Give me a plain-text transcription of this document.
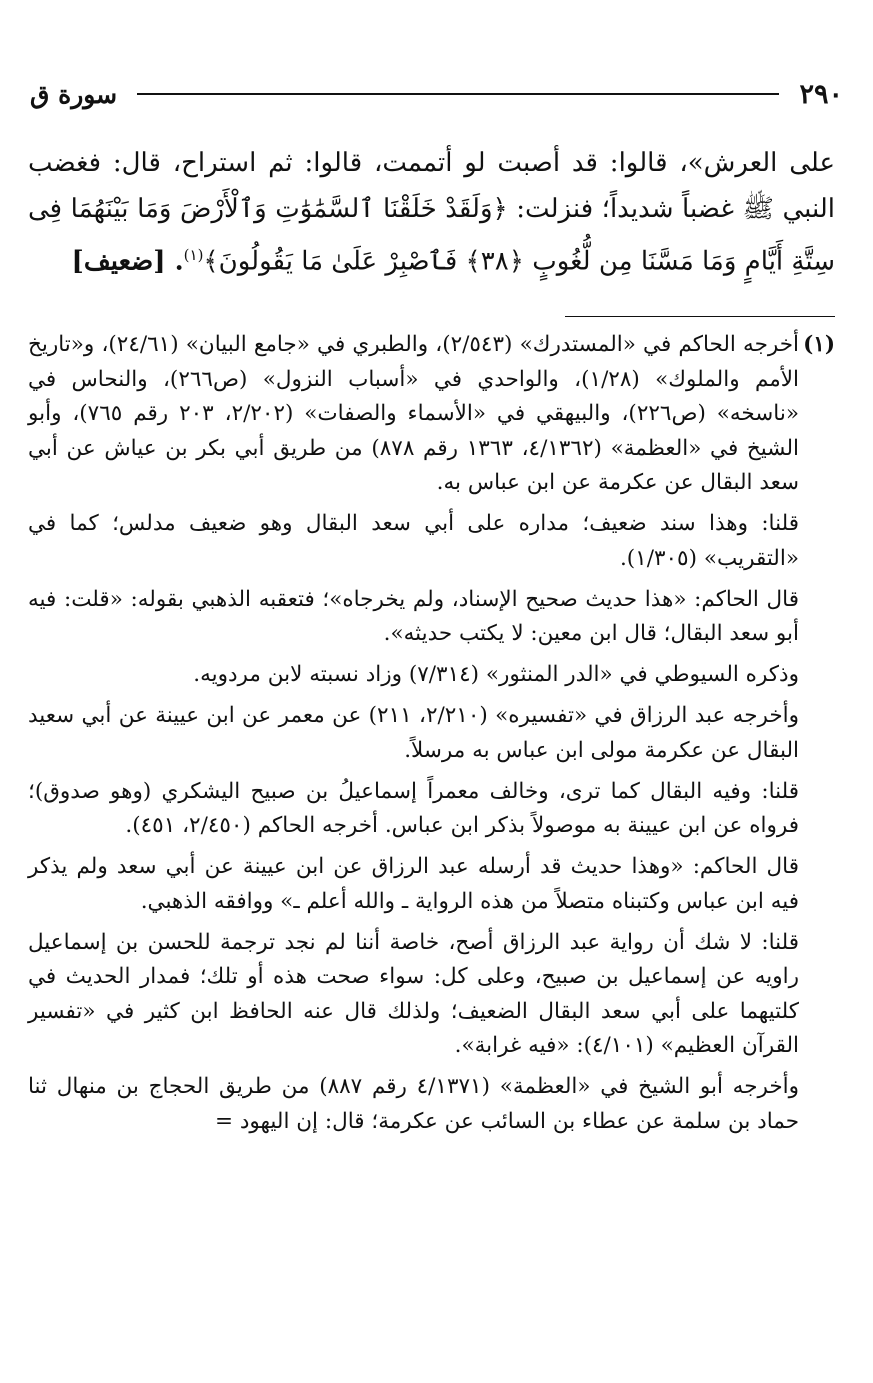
٢٩٠
سورة ق

على العرش»، قالوا: قد أصبت لو أتممت، قالوا: ثم استراح، قال: فغضب النبي ﷺ غضباً شديداً؛ فنزلت: ﴿وَلَقَدْ خَلَقْنَا ٱلسَّمَٰوَٰتِ وَٱلْأَرْضَ وَمَا بَيْنَهُمَا فِى سِتَّةِ أَيَّامٍ وَمَا مَسَّنَا مِن لُّغُوبٍ ﴿٣٨﴾ فَٱصْبِرْ عَلَىٰ مَا يَقُولُونَ﴾$^{(١)}$. [ضعيف]

(١)

أخرجه الحاكم في «المستدرك» (٢/٥٤٣)، والطبري في «جامع البيان» (٢٤/٦١)، و«تاريخ الأمم والملوك» (١/٢٨)، والواحدي في «أسباب النزول» (ص٢٦٦)، والنحاس في «ناسخه» (ص٢٢٦)، والبيهقي في «الأسماء والصفات» (٢/٢٠٢، ٢٠٣ رقم ٧٦٥)، وأبو الشيخ في «العظمة» (٤/١٣٦٢، ١٣٦٣ رقم ٨٧٨) من طريق أبي بكر بن عياش عن أبي سعد البقال عن عكرمة عن ابن عباس به.

قلنا: وهذا سند ضعيف؛ مداره على أبي سعد البقال وهو ضعيف مدلس؛ كما في «التقريب» (١/٣٠٥).

قال الحاكم: «هذا حديث صحيح الإسناد، ولم يخرجاه»؛ فتعقبه الذهبي بقوله: «قلت: فيه أبو سعد البقال؛ قال ابن معين: لا يكتب حديثه».

وذكره السيوطي في «الدر المنثور» (٧/٣١٤) وزاد نسبته لابن مردويه.

وأخرجه عبد الرزاق في «تفسيره» (٢/٢١٠، ٢١١) عن معمر عن ابن عيينة عن أبي سعيد البقال عن عكرمة مولى ابن عباس به مرسلاً.

قلنا: وفيه البقال كما ترى، وخالف معمراً إسماعيلُ بن صبيح اليشكري (وهو صدوق)؛ فرواه عن ابن عيينة به موصولاً بذكر ابن عباس. أخرجه الحاكم (٢/٤٥٠، ٤٥١).

قال الحاكم: «وهذا حديث قد أرسله عبد الرزاق عن ابن عيينة عن أبي سعد ولم يذكر فيه ابن عباس وكتبناه متصلاً من هذه الرواية ـ والله أعلم ـ» ووافقه الذهبي.

قلنا: لا شك أن رواية عبد الرزاق أصح، خاصة أننا لم نجد ترجمة للحسن بن إسماعيل راويه عن إسماعيل بن صبيح، وعلى كل: سواء صحت هذه أو تلك؛ فمدار الحديث في كلتيهما على أبي سعد البقال الضعيف؛ ولذلك قال عنه الحافظ ابن كثير في «تفسير القرآن العظيم» (٤/١٠١): «فيه غرابة».

وأخرجه أبو الشيخ في «العظمة» (٤/١٣٧١ رقم ٨٨٧) من طريق الحجاج بن منهال ثنا حماد بن سلمة عن عطاء بن السائب عن عكرمة؛ قال: إن اليهود =
